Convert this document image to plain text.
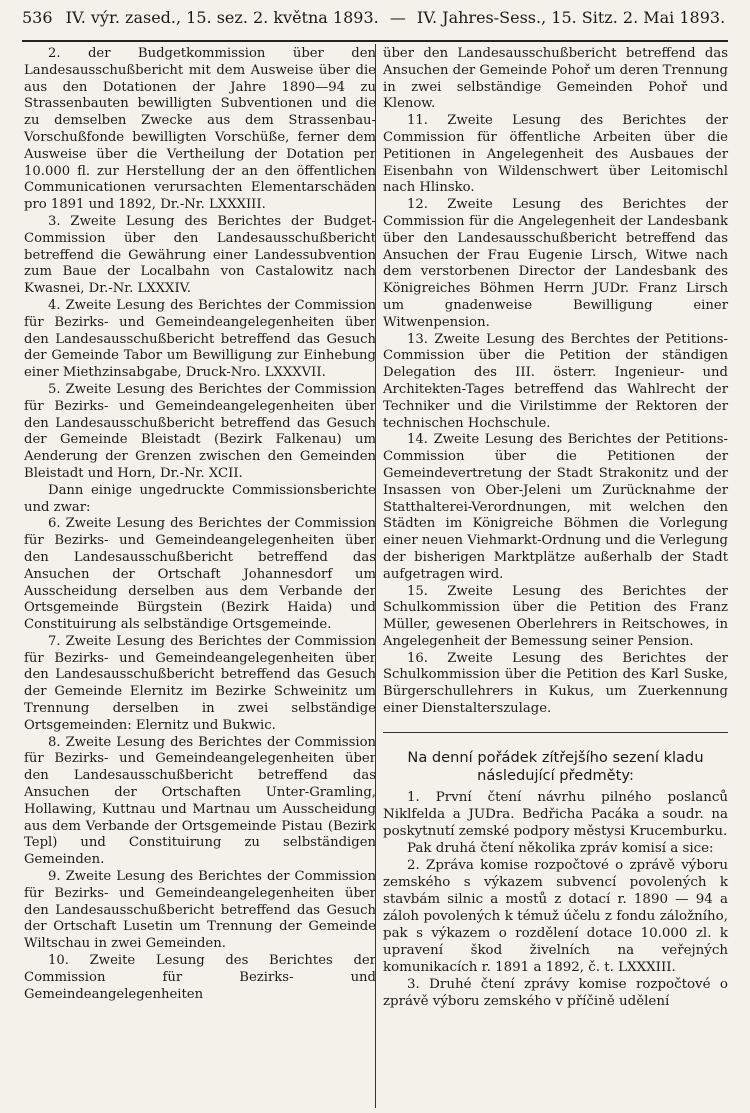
536 IV. výr. zased., 15. sez. 2. května 1893. — IV. Jahres-Sess., 15. Sitz. 2. Mai 1893.

2. der Budgetkommission über den Landesausschußbericht mit dem Ausweise über die aus den Dotationen der Jahre 1890—94 zu Strassenbauten bewilligten Subventionen und die zu demselben Zwecke aus dem Strassenbau-Vorschußfonde bewilligten Vorschüße, ferner dem Ausweise über die Vertheilung der Dotation per 10.000 fl. zur Herstellung der an den öffentlichen Communicationen verursachten Elementarschäden pro 1891 und 1892, Dr.-Nr. LXXXIII.

3. Zweite Lesung des Berichtes der Budget-Commission über den Landesausschußbericht betreffend die Gewährung einer Landessubvention zum Baue der Localbahn von Castalowitz nach Kwasnei, Dr.-Nr. LXXXIV.

4. Zweite Lesung des Berichtes der Commission für Bezirks- und Gemeindeangelegenheiten über den Landesausschußbericht betreffend das Gesuch der Gemeinde Tabor um Bewilligung zur Einhebung einer Miethzinsabgabe, Druck-Nro. LXXXVII.

5. Zweite Lesung des Berichtes der Commission für Bezirks- und Gemeindeangelegenheiten über den Landesausschußbericht betreffend das Gesuch der Gemeinde Bleistadt (Bezirk Falkenau) um Aenderung der Grenzen zwischen den Gemeinden Bleistadt und Horn, Dr.-Nr. XCII.

Dann einige ungedruckte Commissionsberichte und zwar:

6. Zweite Lesung des Berichtes der Commission für Bezirks- und Gemeindeangelegenheiten über den Landesausschußbericht betreffend das Ansuchen der Ortschaft Johannesdorf um Ausscheidung derselben aus dem Verbande der Ortsgemeinde Bürgstein (Bezirk Haida) und Constituirung als selbständige Ortsgemeinde.

7. Zweite Lesung des Berichtes der Commission für Bezirks- und Gemeindeangelegenheiten über den Landesausschußbericht betreffend das Gesuch der Gemeinde Elernitz im Bezirke Schweinitz um Trennung derselben in zwei selbständige Ortsgemeinden: Elernitz und Bukwic.

8. Zweite Lesung des Berichtes der Commission für Bezirks- und Gemeindeangelegenheiten über den Landesausschußbericht betreffend das Ansuchen der Ortschaften Unter-Gramling, Hollawing, Kuttnau und Martnau um Ausscheidung aus dem Verbande der Ortsgemeinde Pistau (Bezirk Tepl) und Constituirung zu selbständigen Gemeinden.

9. Zweite Lesung des Berichtes der Commission für Bezirks- und Gemeindeangelegenheiten über den Landesausschußbericht betreffend das Gesuch der Ortschaft Lusetin um Trennung der Gemeinde Wiltschau in zwei Gemeinden.

10. Zweite Lesung des Berichtes der Commission für Bezirks- und Gemeindeangelegenheiten

über den Landesausschußbericht betreffend das Ansuchen der Gemeinde Pohoř um deren Trennung in zwei selbständige Gemeinden Pohoř und Klenow.

11. Zweite Lesung des Berichtes der Commission für öffentliche Arbeiten über die Petitionen in Angelegenheit des Ausbaues der Eisenbahn von Wildenschwert über Leitomischl nach Hlinsko.

12. Zweite Lesung des Berichtes der Commission für die Angelegenheit der Landesbank über den Landesausschußbericht betreffend das Ansuchen der Frau Eugenie Lirsch, Witwe nach dem verstorbenen Director der Landesbank des Königreiches Böhmen Herrn JUDr. Franz Lirsch um gnadenweise Bewilligung einer Witwenpension.

13. Zweite Lesung des Berchtes der Petitions-Commission über die Petition der ständigen Delegation des III. österr. Ingenieur- und Architekten-Tages betreffend das Wahlrecht der Techniker und die Virilstimme der Rektoren der technischen Hochschule.

14. Zweite Lesung des Berichtes der Petitions-Commission über die Petitionen der Gemeindevertretung der Stadt Strakonitz und der Insassen von Ober-Jeleni um Zurücknahme der Statthalterei-Verordnungen, mit welchen den Städten im Königreiche Böhmen die Vorlegung einer neuen Viehmarkt-Ordnung und die Verlegung der bisherigen Marktplätze außerhalb der Stadt aufgetragen wird.

15. Zweite Lesung des Berichtes der Schulkommission über die Petition des Franz Müller, gewesenen Oberlehrers in Reitschowes, in Angelegenheit der Bemessung seiner Pension.

16. Zweite Lesung des Berichtes der Schulkommission über die Petition des Karl Suske, Bürgerschullehrers in Kukus, um Zuerkennung einer Dienstalterszulage.

Na denní pořádek zítřejšího sezení kladu následující předměty:

1. První čtení návrhu pilného poslanců Niklfelda a JUDra. Bedřicha Pacáka a soudr. na poskytnutí zemské podpory městysi Krucemburku.

Pak druhá čtení několika zpráv komisí a sice:

2. Zpráva komise rozpočtové o zprávě výboru zemského s výkazem subvencí povolených k stavbám silnic a mostů z dotací r. 1890 — 94 a záloh povolených k témuž účelu z fondu záložního, pak s výkazem o rozdělení dotace 10.000 zl. k upravení škod živelních na veřejných komunikacích r. 1891 a 1892, č. t. LXXXIII.

3. Druhé čtení zprávy komise rozpočtové o zprávě výboru zemského v příčině udělení
